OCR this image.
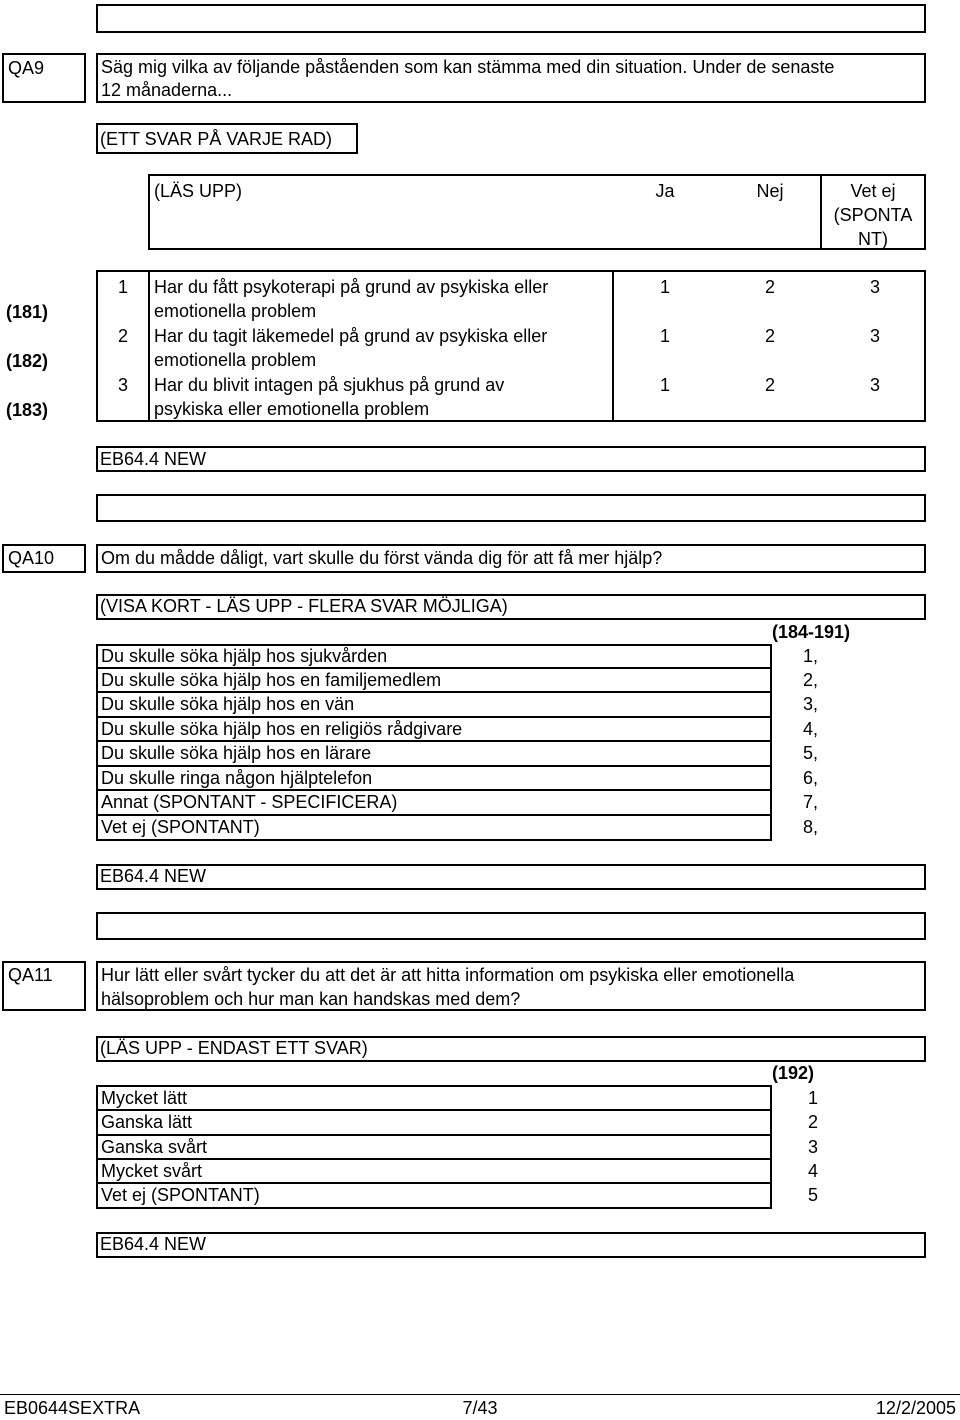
QA9	Säg mig vilka av följande påståenden som kan stämma med din situation. Under de senaste
12 månaderna...
(ETT SVAR PÅ VARJE RAD)
(LÄS UPP)	Ja	Nej	Vet ej
(SPONTA
NT)
(181)
1 Har du fått psykoterapi på grund av psykiska eller
emotionella problem
1	2	3
(182)
2 Har du tagit läkemedel på grund av psykiska eller
emotionella problem
1	2	3
(183)
3 Har du blivit intagen på sjukhus på grund av
psykiska eller emotionella problem
1	2	3
EB64.4 NEW
QA10	Om du mådde dåligt, vart skulle du först vända dig för att få mer hjälp?
(VISA KORT - LÄS UPP - FLERA SVAR MÖJLIGA)
(184-191)
Du skulle söka hjälp hos sjukvården	1,
Du skulle söka hjälp hos en familjemedlem	2,
Du skulle söka hjälp hos en vän	3,
Du skulle söka hjälp hos en religiös rådgivare	4,
Du skulle söka hjälp hos en lärare	5,
Du skulle ringa någon hjälptelefon	6,
Annat (SPONTANT - SPECIFICERA)	7,
Vet ej (SPONTANT)	8,
EB64.4 NEW
QA11	Hur lätt eller svårt tycker du att det är att hitta information om psykiska eller emotionella
hälsoproblem och hur man kan handskas med dem?
(LÄS UPP - ENDAST ETT SVAR)
(192)
Mycket lätt	1
Ganska lätt	2
Ganska svårt	3
Mycket svårt	4
Vet ej (SPONTANT)	5
EB64.4 NEW
EB0644SEXTRA	7/43	12/2/2005
